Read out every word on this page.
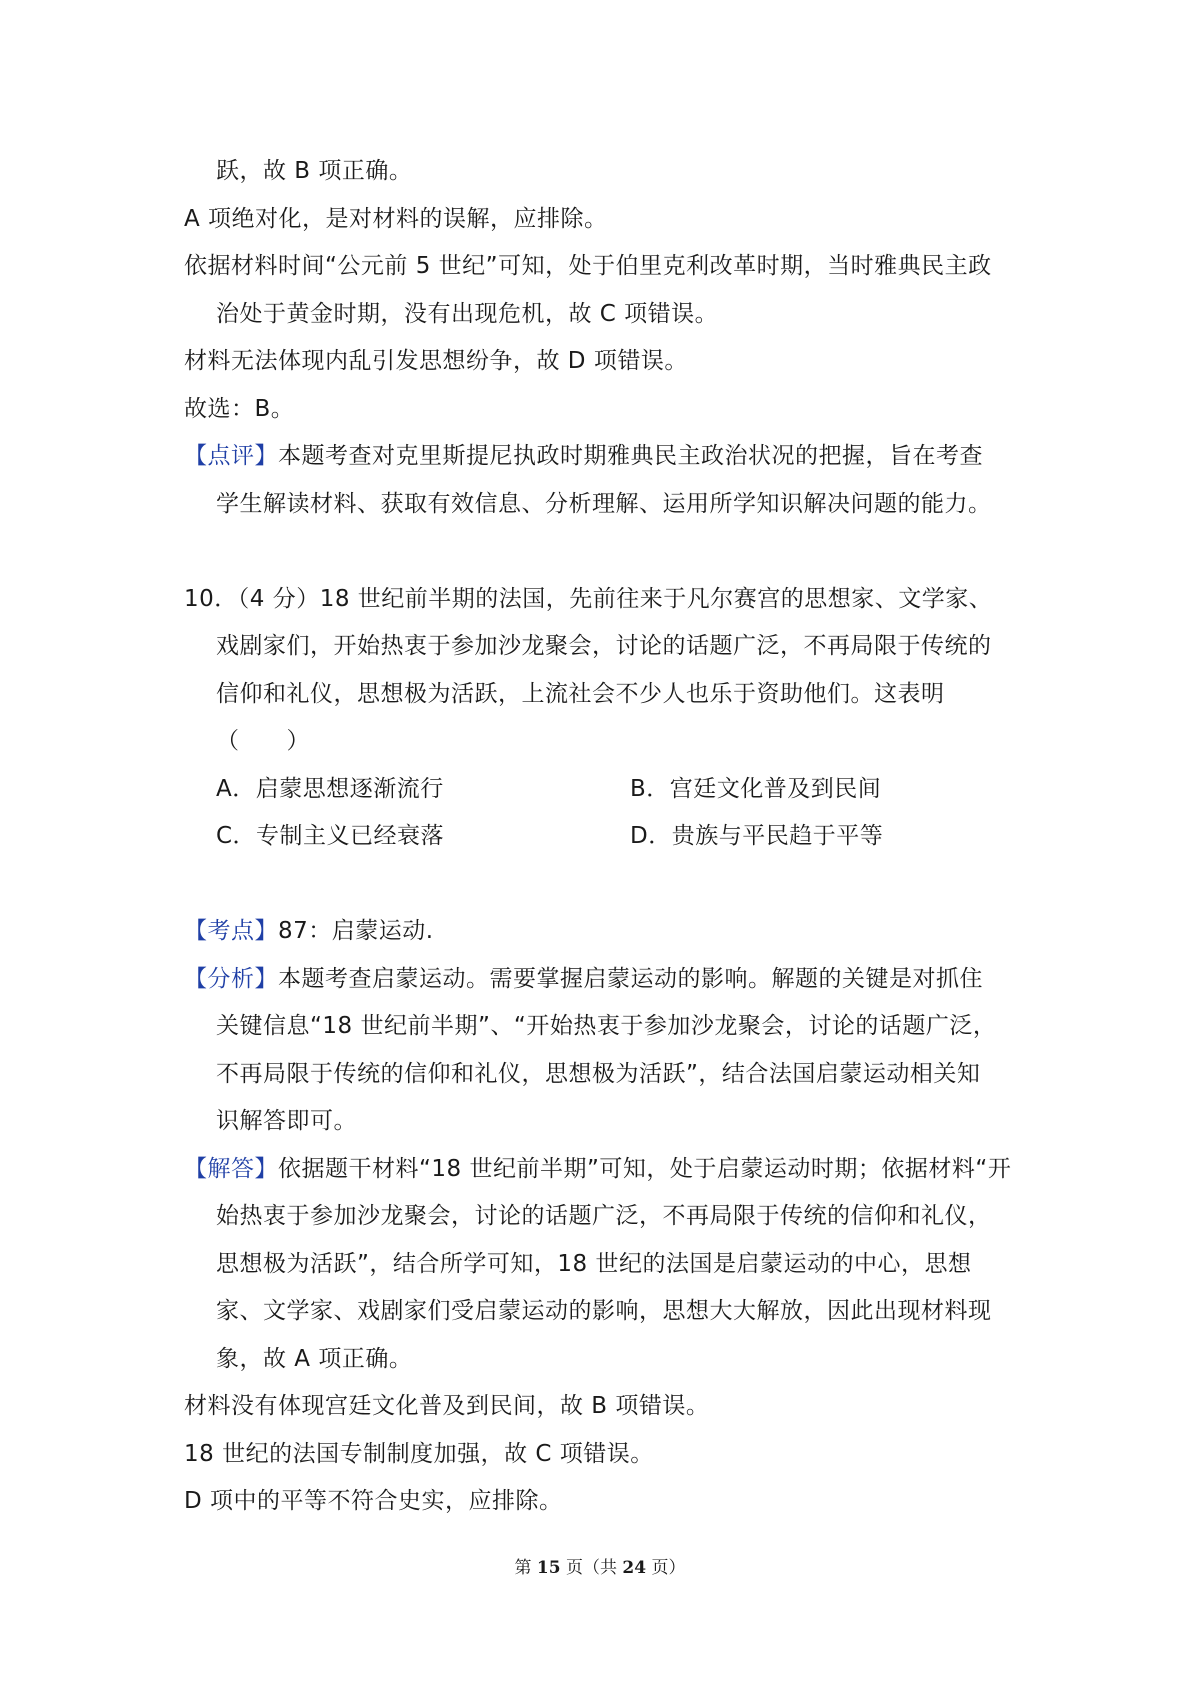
跃，故 B 项正确。
A 项绝对化，是对材料的误解，应排除。
依据材料时间“公元前 5 世纪”可知，处于伯里克利改革时期，当时雅典民主政
治处于黄金时期，没有出现危机，故 C 项错误。
材料无法体现内乱引发思想纷争，故 D 项错误。
故选：B。
【点评】本题考查对克里斯提尼执政时期雅典民主政治状况的把握，旨在考查
学生解读材料、获取有效信息、分析理解、运用所学知识解决问题的能力。
10．（4 分）18 世纪前半期的法国，先前往来于凡尔赛宫的思想家、文学家、
戏剧家们，开始热衷于参加沙龙聚会，讨论的话题广泛，不再局限于传统的
信仰和礼仪，思想极为活跃，上流社会不少人也乐于资助他们。这表明
（　　）
A．启蒙思想逐渐流行	B．宫廷文化普及到民间
C．专制主义已经衰落	D．贵族与平民趋于平等
【考点】87：启蒙运动.
【分析】本题考查启蒙运动。需要掌握启蒙运动的影响。解题的关键是对抓住
关键信息“18 世纪前半期”、“开始热衷于参加沙龙聚会，讨论的话题广泛，
不再局限于传统的信仰和礼仪，思想极为活跃”，结合法国启蒙运动相关知
识解答即可。
【解答】依据题干材料“18 世纪前半期”可知，处于启蒙运动时期；依据材料“开
始热衷于参加沙龙聚会，讨论的话题广泛，不再局限于传统的信仰和礼仪，
思想极为活跃”，结合所学可知，18 世纪的法国是启蒙运动的中心，思想
家、文学家、戏剧家们受启蒙运动的影响，思想大大解放，因此出现材料现
象，故 A 项正确。
材料没有体现宫廷文化普及到民间，故 B 项错误。
18 世纪的法国专制制度加强，故 C 项错误。
D 项中的平等不符合史实，应排除。
第 15 页（共 24 页）
